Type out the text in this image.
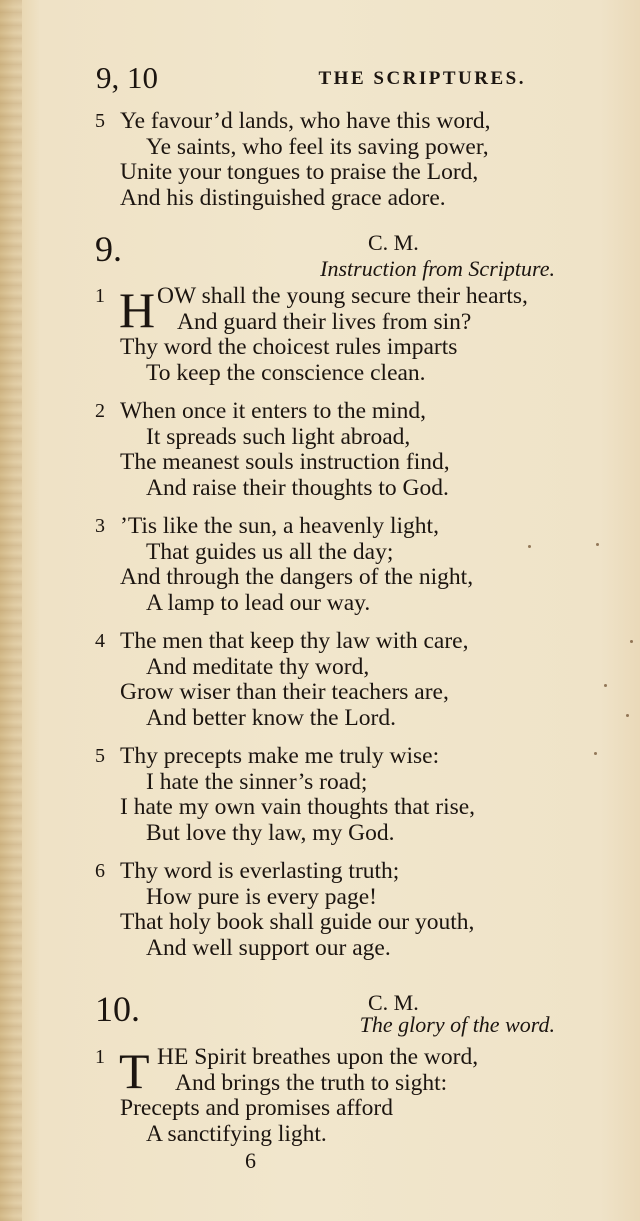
9, 10	THE SCRIPTURES.
5 Ye favour’d lands, who have this word,
Ye saints, who feel its saving power,
Unite your tongues to praise the Lord,
And his distinguished grace adore.
9.	C. M.
Instruction from Scripture.
1 H OW shall the young secure their hearts,
And guard their lives from sin?
Thy word the choicest rules imparts
To keep the conscience clean.
2 When once it enters to the mind,
It spreads such light abroad,
The meanest souls instruction find,
And raise their thoughts to God.
3 ’Tis like the sun, a heavenly light,
That guides us all the day;
And through the dangers of the night,
A lamp to lead our way.
4 The men that keep thy law with care,
And meditate thy word,
Grow wiser than their teachers are,
And better know the Lord.
5 Thy precepts make me truly wise:
I hate the sinner’s road;
I hate my own vain thoughts that rise,
But love thy law, my God.
6 Thy word is everlasting truth;
How pure is every page!
That holy book shall guide our youth,
And well support our age.
10.	C. M.
The glory of the word.
1 T HE Spirit breathes upon the word,
And brings the truth to sight:
Precepts and promises afford
A sanctifying light.
6
